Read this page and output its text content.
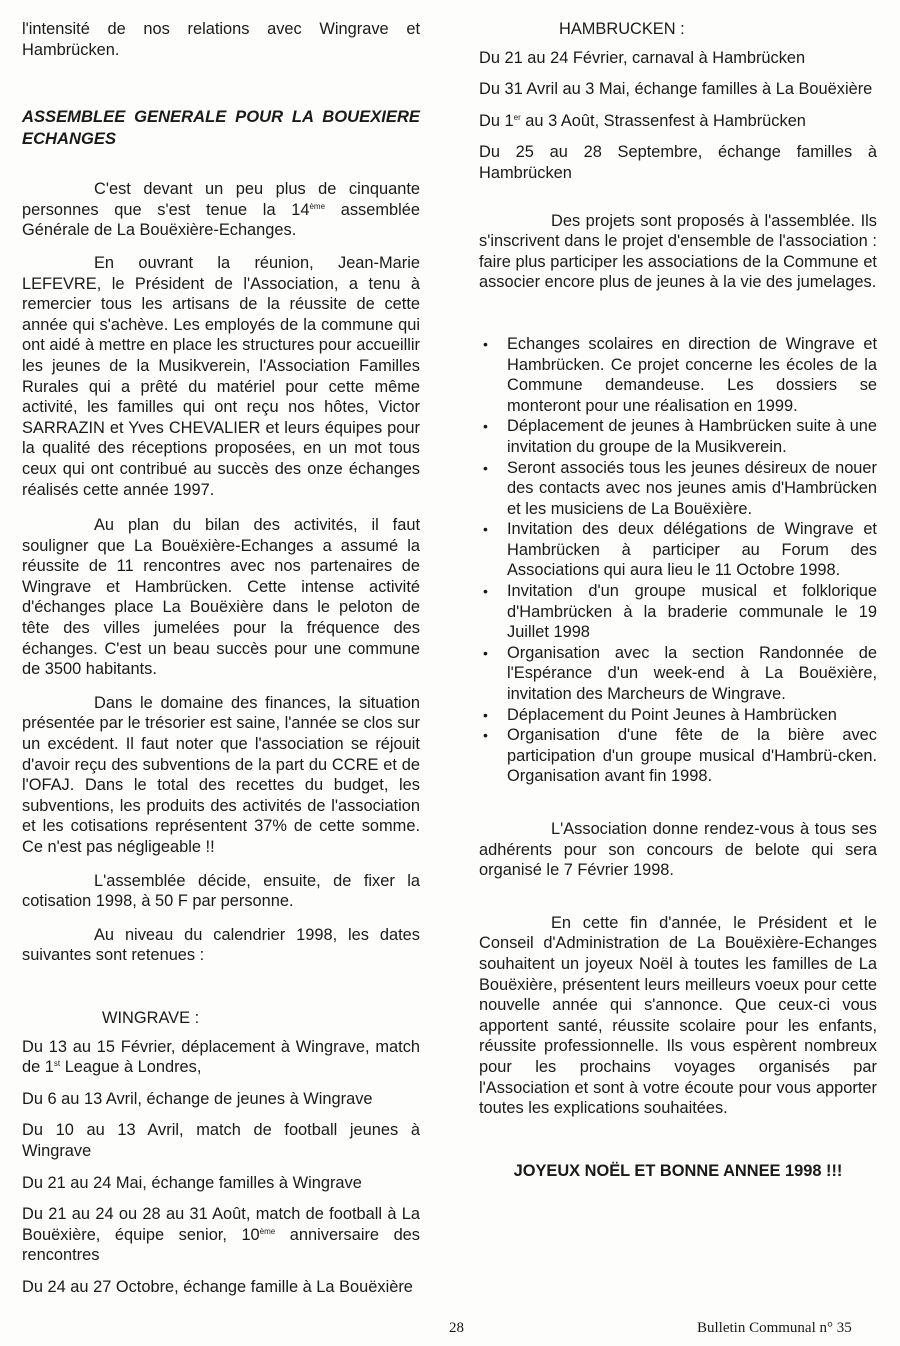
l'intensité de nos relations avec Wingrave et Hambrücken.

ASSEMBLEE GENERALE POUR LA BOUEXIERE ECHANGES

C'est devant un peu plus de cinquante personnes que s'est tenue la 14ème assemblée Générale de La Bouëxière-Echanges.

En ouvrant la réunion, Jean-Marie LEFEVRE, le Président de l'Association, a tenu à remercier tous les artisans de la réussite de cette année qui s'achève. Les employés de la commune qui ont aidé à mettre en place les structures pour accueillir les jeunes de la Musikverein, l'Association Familles Rurales qui a prêté du matériel pour cette même activité, les familles qui ont reçu nos hôtes, Victor SARRAZIN et Yves CHEVALIER et leurs équipes pour la qualité des réceptions proposées, en un mot tous ceux qui ont contribué au succès des onze échanges réalisés cette année 1997.

Au plan du bilan des activités, il faut souligner que La Bouëxière-Echanges a assumé la réussite de 11 rencontres avec nos partenaires de Wingrave et Hambrücken. Cette intense activité d'échanges place La Bouëxière dans le peloton de tête des villes jumelées pour la fréquence des échanges. C'est un beau succès pour une commune de 3500 habitants.

Dans le domaine des finances, la situation présentée par le trésorier est saine, l'année se clos sur un excédent. Il faut noter que l'association se réjouit d'avoir reçu des subventions de la part du CCRE et de l'OFAJ. Dans le total des recettes du budget, les subventions, les produits des activités de l'association et les cotisations représentent 37% de cette somme. Ce n'est pas négligeable !!

L'assemblée décide, ensuite, de fixer la cotisation 1998, à 50 F par personne.

Au niveau du calendrier 1998, les dates suivantes sont retenues :

WINGRAVE :

Du 13 au 15 Février, déplacement à Wingrave, match de 1st League à Londres,

Du 6 au 13 Avril, échange de jeunes à Wingrave

Du 10 au 13 Avril, match de football jeunes à Wingrave

Du 21 au 24 Mai, échange familles à Wingrave

Du 21 au 24 ou 28 au 31 Août, match de football à La Bouëxière, équipe senior, 10ème anniversaire des rencontres

Du 24 au 27 Octobre, échange famille à La Bouëxière

HAMBRUCKEN :

Du 21 au 24 Février, carnaval à Hambrücken

Du 31 Avril au 3 Mai, échange familles à La Bouëxière

Du 1er au 3 Août, Strassenfest à Hambrücken

Du 25 au 28 Septembre, échange familles à Hambrücken

Des projets sont proposés à l'assemblée. Ils s'inscrivent dans le projet d'ensemble de l'association : faire plus participer les associations de la Commune et associer encore plus de jeunes à la vie des jumelages.

• Echanges scolaires en direction de Wingrave et Hambrücken. Ce projet concerne les écoles de la Commune demandeuse. Les dossiers se monteront pour une réalisation en 1999.
• Déplacement de jeunes à Hambrücken suite à une invitation du groupe de la Musikverein.
• Seront associés tous les jeunes désireux de nouer des contacts avec nos jeunes amis d'Hambrücken et les musiciens de La Bouëxière.
• Invitation des deux délégations de Wingrave et Hambrücken à participer au Forum des Associations qui aura lieu le 11 Octobre 1998.
• Invitation d'un groupe musical et folklorique d'Hambrücken à la braderie communale le 19 Juillet 1998
• Organisation avec la section Randonnée de l'Espérance d'un week-end à La Bouëxière, invitation des Marcheurs de Wingrave.
• Déplacement du Point Jeunes à Hambrücken
• Organisation d'une fête de la bière avec participation d'un groupe musical d'Hambrü-cken. Organisation avant fin 1998.

L'Association donne rendez-vous à tous ses adhérents pour son concours de belote qui sera organisé le 7 Février 1998.

En cette fin d'année, le Président et le Conseil d'Administration de La Bouëxière-Echanges souhaitent un joyeux Noël à toutes les familles de La Bouëxière, présentent leurs meilleurs voeux pour cette nouvelle année qui s'annonce. Que ceux-ci vous apportent santé, réussite scolaire pour les enfants, réussite professionnelle. Ils vous espèrent nombreux pour les prochains voyages organisés par l'Association et sont à votre écoute pour vous apporter toutes les explications souhaitées.

JOYEUX NOËL ET BONNE ANNEE 1998 !!!

28	Bulletin Communal n° 35
